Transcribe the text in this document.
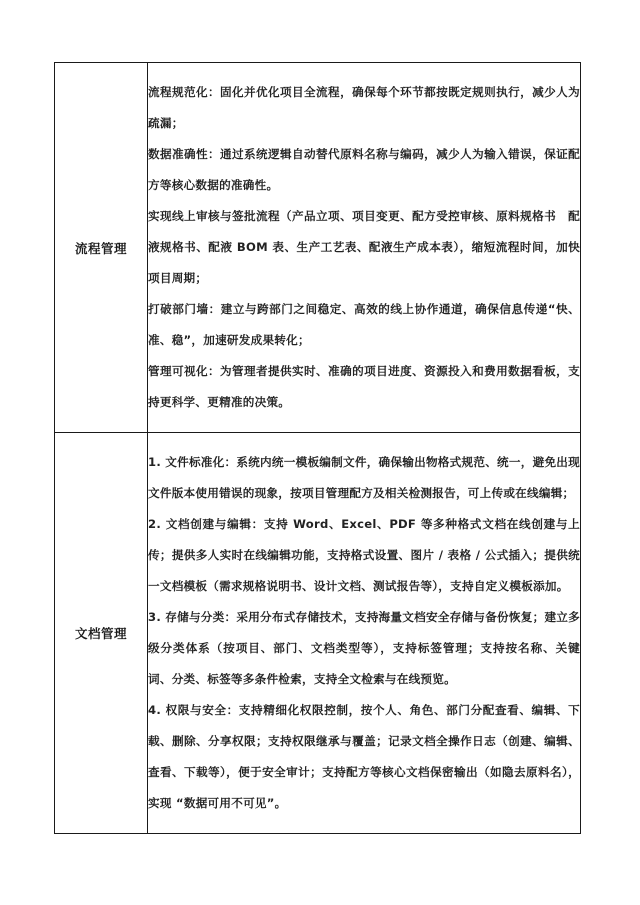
流程管理	流程规范化：固化并优化项目全流程，确保每个环节都按既定规则执行，减少人为疏漏；

数据准确性：通过系统逻辑自动替代原料名称与编码，减少人为输入错误，保证配方等核心数据的准确性。

实现线上审核与签批流程（产品立项、项目变更、配方受控审核、原料规格书　配液规格书、配液 BOM 表、生产工艺表、配液生产成本表），缩短流程时间，加快项目周期；

打破部门墙：建立与跨部门之间稳定、高效的线上协作通道，确保信息传递“快、准、稳”，加速研发成果转化；

管理可视化：为管理者提供实时、准确的项目进度、资源投入和费用数据看板，支持更科学、更精准的决策。

文档管理	1. 文件标准化：系统内统一模板编制文件，确保输出物格式规范、统一，避免出现文件版本使用错误的现象，按项目管理配方及相关检测报告，可上传或在线编辑；

2. 文档创建与编辑：支持 Word、Excel、PDF 等多种格式文档在线创建与上传；提供多人实时在线编辑功能，支持格式设置、图片 / 表格 / 公式插入；提供统一文档模板（需求规格说明书、设计文档、测试报告等），支持自定义模板添加。

3. 存储与分类：采用分布式存储技术，支持海量文档安全存储与备份恢复；建立多级分类体系（按项目、部门、文档类型等），支持标签管理；支持按名称、关键词、分类、标签等多条件检索，支持全文检索与在线预览。

4. 权限与安全：支持精细化权限控制，按个人、角色、部门分配查看、编辑、下载、删除、分享权限；支持权限继承与覆盖；记录文档全操作日志（创建、编辑、查看、下载等），便于安全审计；支持配方等核心文档保密输出（如隐去原料名），实现 “数据可用不可见”。
